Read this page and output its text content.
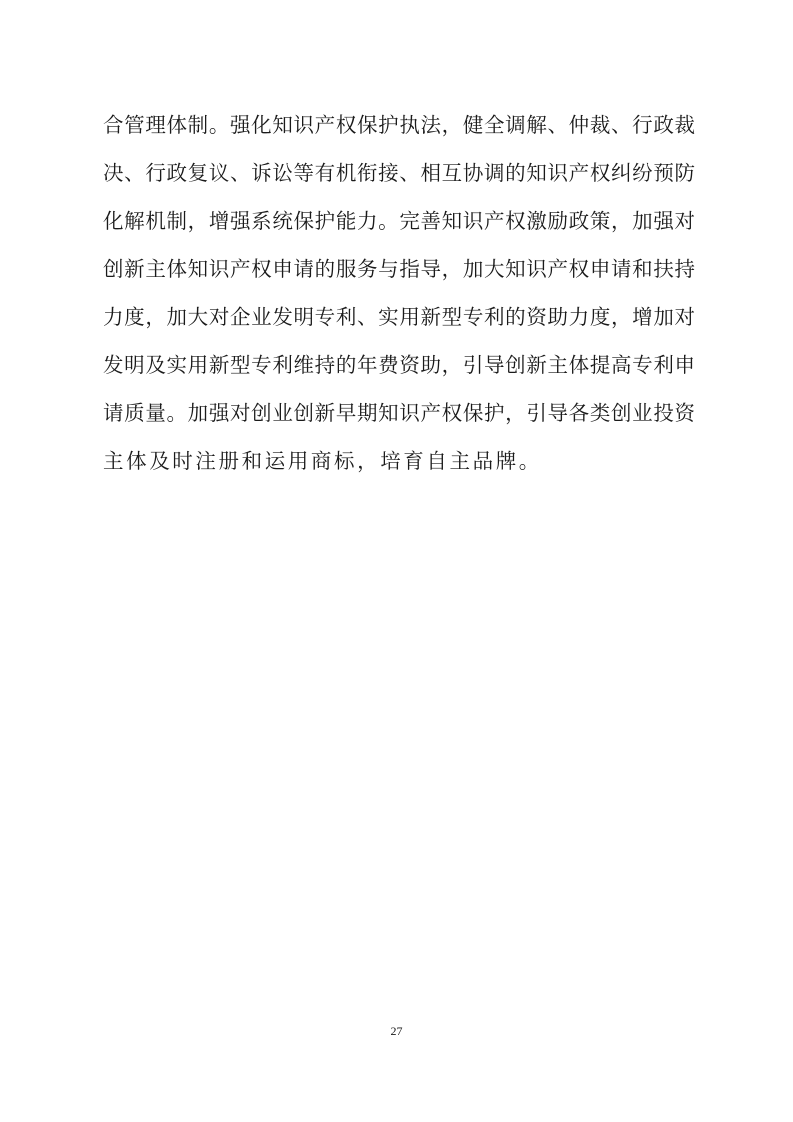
合管理体制。强化知识产权保护执法，健全调解、仲裁、行政裁
决、行政复议、诉讼等有机衔接、相互协调的知识产权纠纷预防
化解机制，增强系统保护能力。完善知识产权激励政策，加强对
创新主体知识产权申请的服务与指导，加大知识产权申请和扶持
力度，加大对企业发明专利、实用新型专利的资助力度，增加对
发明及实用新型专利维持的年费资助，引导创新主体提高专利申
请质量。加强对创业创新早期知识产权保护，引导各类创业投资
主体及时注册和运用商标，培育自主品牌。
27
